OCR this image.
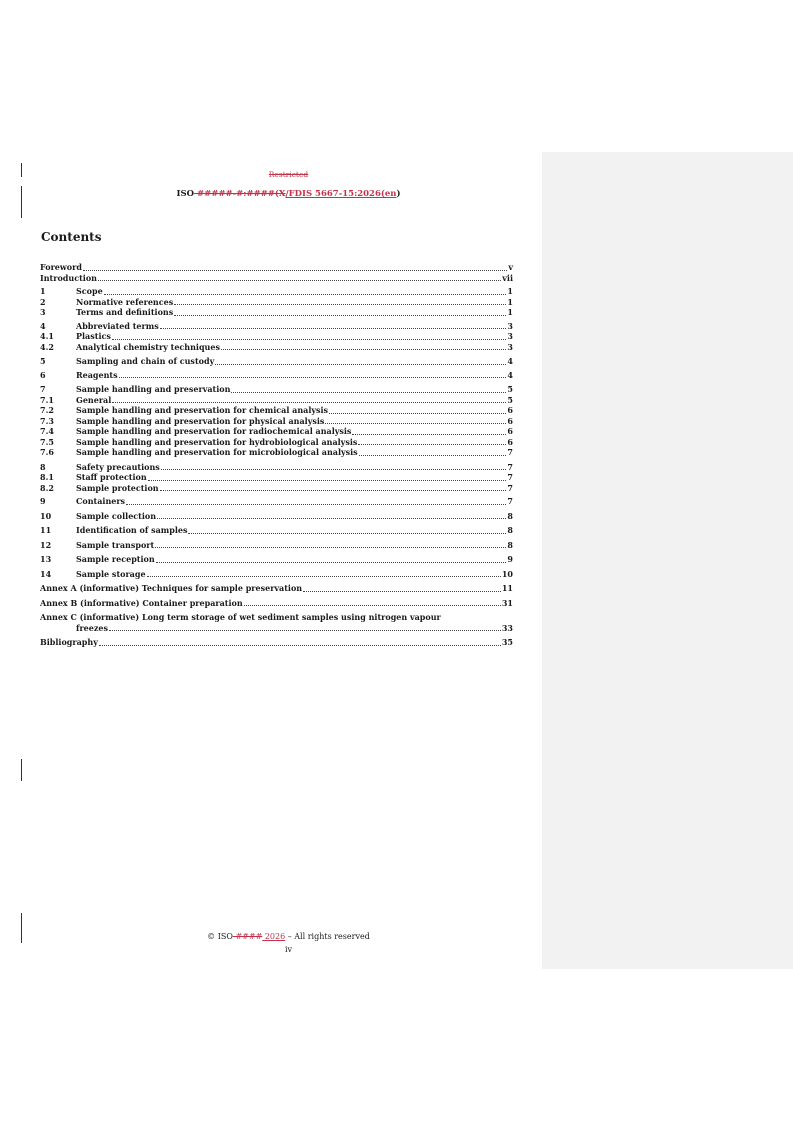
Restricted
ISO #####-#:####(X/FDIS 5667-15:2026(en)
Contents
Foreword	v
Introduction	vii
1	Scope	1
2	Normative references	1
3	Terms and definitions	1
4	Abbreviated terms	3
4.1	Plastics	3
4.2	Analytical chemistry techniques	3
5	Sampling and chain of custody	4
6	Reagents	4
7	Sample handling and preservation	5
7.1	General	5
7.2	Sample handling and preservation for chemical analysis	6
7.3	Sample handling and preservation for physical analysis	6
7.4	Sample handling and preservation for radiochemical analysis	6
7.5	Sample handling and preservation for hydrobiological analysis	6
7.6	Sample handling and preservation for microbiological analysis	7
8	Safety precautions	7
8.1	Staff protection	7
8.2	Sample protection	7
9	Containers	7
10	Sample collection	8
11	Identification of samples	8
12	Sample transport	8
13	Sample reception	9
14	Sample storage	10
Annex A (informative) Techniques for sample preservation	11
Annex B (informative) Container preparation	31
Annex C (informative) Long term storage of wet sediment samples using nitrogen vapour
freezes	33
Bibliography	35
© ISO #### 2026 – All rights reserved
iv
